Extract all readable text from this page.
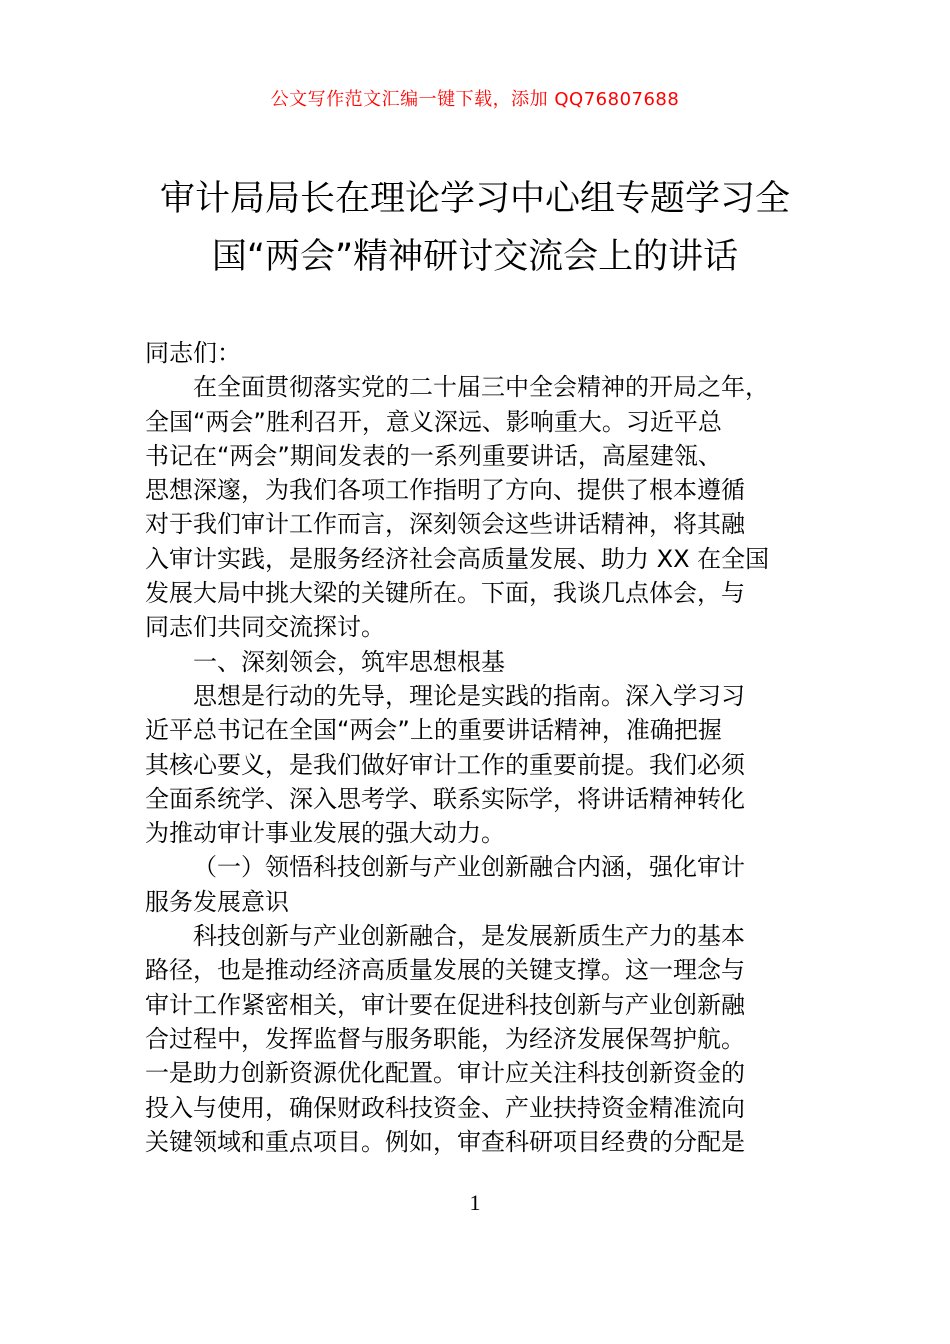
公文写作范文汇编一键下载，添加 QQ76807688
审计局局长在理论学习中心组专题学习全
国“两会”精神研讨交流会上的讲话
同志们：
在全面贯彻落实党的二十届三中全会精神的开局之年，
全国“两会”胜利召开，意义深远、影响重大。习近平总
书记在“两会”期间发表的一系列重要讲话，高屋建瓴、
思想深邃，为我们各项工作指明了方向、提供了根本遵循
对于我们审计工作而言，深刻领会这些讲话精神，将其融
入审计实践，是服务经济社会高质量发展、助力 XX 在全国
发展大局中挑大梁的关键所在。下面，我谈几点体会，与
同志们共同交流探讨。
一、深刻领会，筑牢思想根基
思想是行动的先导，理论是实践的指南。深入学习习
近平总书记在全国“两会”上的重要讲话精神，准确把握
其核心要义，是我们做好审计工作的重要前提。我们必须
全面系统学、深入思考学、联系实际学，将讲话精神转化
为推动审计事业发展的强大动力。
（一）领悟科技创新与产业创新融合内涵，强化审计
服务发展意识
科技创新与产业创新融合，是发展新质生产力的基本
路径，也是推动经济高质量发展的关键支撑。这一理念与
审计工作紧密相关，审计要在促进科技创新与产业创新融
合过程中，发挥监督与服务职能，为经济发展保驾护航。
一是助力创新资源优化配置。审计应关注科技创新资金的
投入与使用，确保财政科技资金、产业扶持资金精准流向
关键领域和重点项目。例如，审查科研项目经费的分配是
1
